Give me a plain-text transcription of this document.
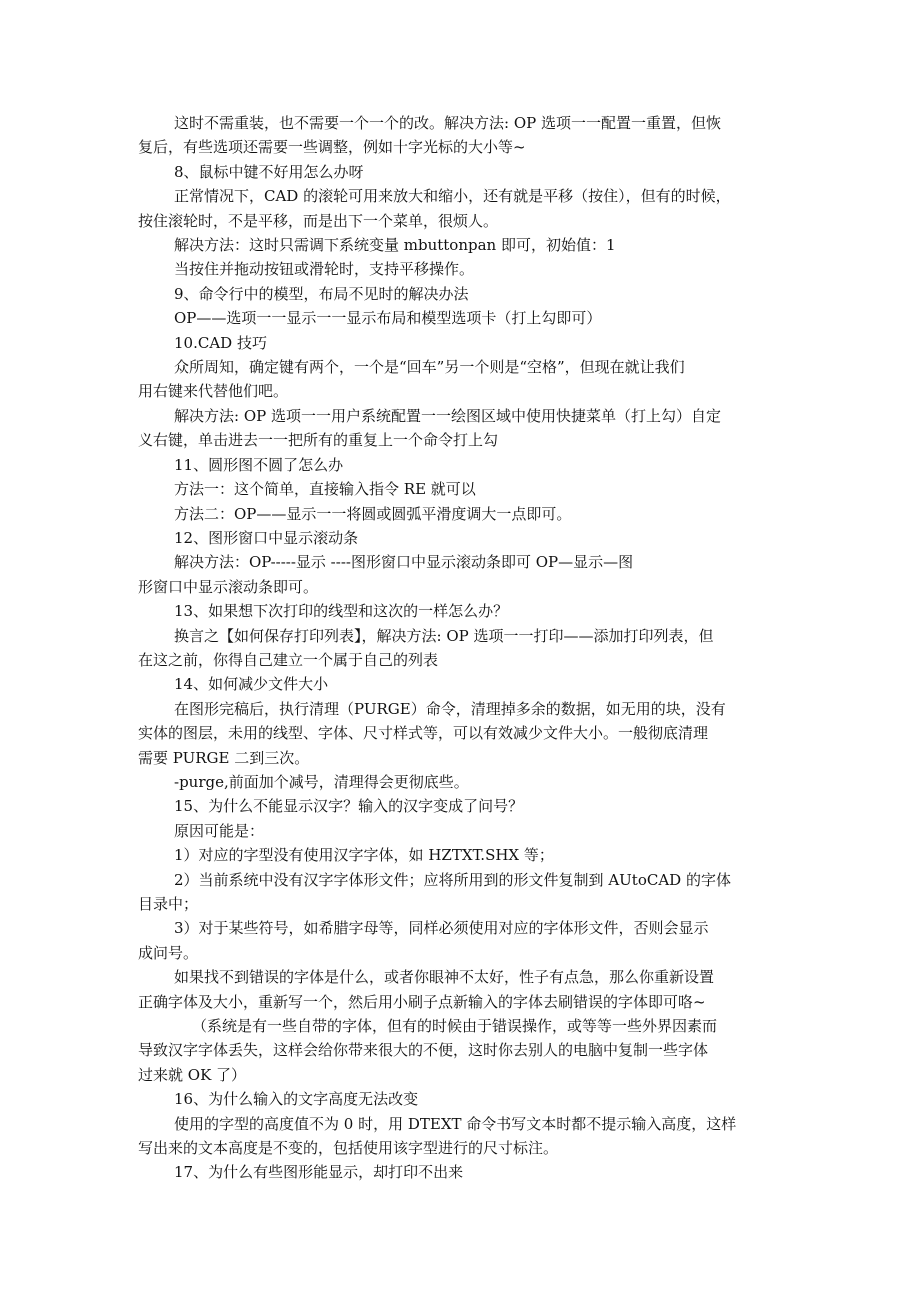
这时不需重装，也不需要一个一个的改。解决方法: OP 选项一一配置一重置，但恢
复后，有些选项还需要一些调整，例如十字光标的大小等~

8、鼠标中键不好用怎么办呀

正常情况下，CAD 的滚轮可用来放大和缩小，还有就是平移（按住），但有的时候，
按住滚轮时，不是平移，而是出下一个菜单，很烦人。

解决方法：这时只需调下系统变量 mbuttonpan 即可，初始值：1

当按住并拖动按钮或滑轮时，支持平移操作。

9、命令行中的模型，布局不见时的解决办法

OP——选项一一显示一一显示布局和模型选项卡（打上勾即可）

10.CAD 技巧

众所周知，确定键有两个，一个是“回车”另一个则是“空格”，但现在就让我们
用右键来代替他们吧。

解决方法: OP 选项一一用户系统配置一一绘图区域中使用快捷菜单（打上勾）自定
义右键，单击进去一一把所有的重复上一个命令打上勾

11、圆形图不圆了怎么办

方法一：这个简单，直接输入指令 RE 就可以

方法二：OP——显示一一将圆或圆弧平滑度调大一点即可。

12、图形窗口中显示滚动条

解决方法：OP-----显示 ----图形窗口中显示滚动条即可 OP—显示—图
形窗口中显示滚动条即可。

13、如果想下次打印的线型和这次的一样怎么办？

换言之【如何保存打印列表】，解决方法: OP 选项一一打印——添加打印列表，但
在这之前，你得自己建立一个属于自己的列表

14、如何减少文件大小

在图形完稿后，执行清理（PURGE）命令，清理掉多余的数据，如无用的块，没有
实体的图层，未用的线型、字体、尺寸样式等，可以有效减少文件大小。一般彻底清理
需要 PURGE 二到三次。

-purge,前面加个减号，清理得会更彻底些。

15、为什么不能显示汉字？输入的汉字变成了问号？

原因可能是：

1）对应的字型没有使用汉字字体，如 HZTXT.SHX 等；

2）当前系统中没有汉字字体形文件；应将所用到的形文件复制到 AUtoCAD 的字体
目录中；

3）对于某些符号，如希腊字母等，同样必须使用对应的字体形文件，否则会显示
成问号。

如果找不到错误的字体是什么，或者你眼神不太好，性子有点急，那么你重新设置
正确字体及大小，重新写一个，然后用小刷子点新输入的字体去刷错误的字体即可咯~

（系统是有一些自带的字体，但有的时候由于错误操作，或等等一些外界因素而
导致汉字字体丢失，这样会给你带来很大的不便，这时你去别人的电脑中复制一些字体
过来就 OK 了）

16、为什么输入的文字高度无法改变

使用的字型的高度值不为 0 时，用 DTEXT 命令书写文本时都不提示输入高度，这样
写出来的文本高度是不变的，包括使用该字型进行的尺寸标注。

17、为什么有些图形能显示，却打印不出来
